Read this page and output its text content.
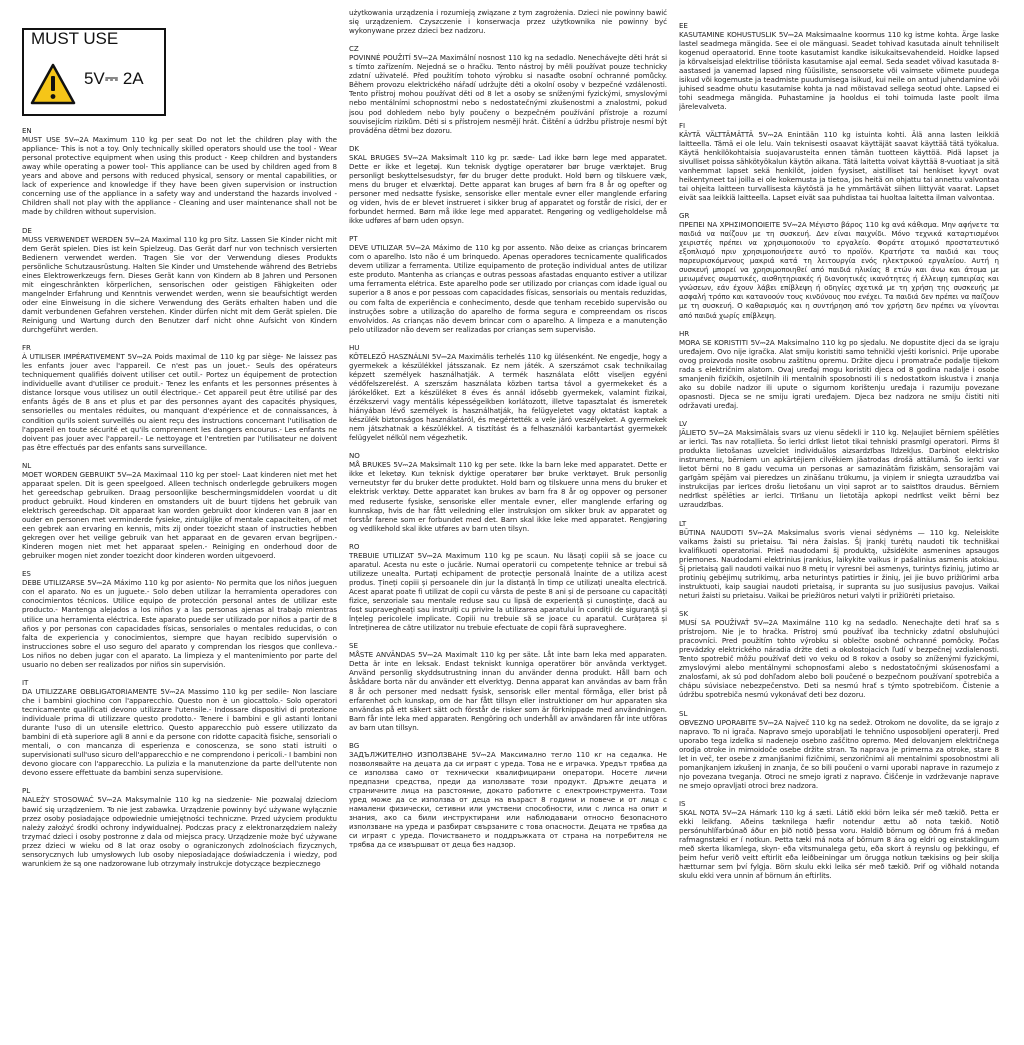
MUST USE
5V⎓ 2A
EN
MUST USE 5V⎓2A Maximum 110 kg per seat Do not let the children play with the appliance- This is not a toy. Only technically skilled operators should use the tool - Wear personal protective equipment when using this product - Keep children and bystanders away while operating a power tool- This appliance can be used by children aged from 8 years and above and persons with reduced physical, sensory or mental capabilities, or lack of experience and knowledge if they have been given supervision or instruction concerning use of the appliance in a safety way and understand the hazards involved - Children shall not play with the appliance - Cleaning and user maintenance shall not be made by children without supervision.
DE
MUSS VERWENDET WERDEN 5V⎓2A Maximal 110 kg pro Sitz. Lassen Sie Kinder nicht mit dem Gerät spielen. Dies ist kein Spielzeug. Das Gerät darf nur von technisch versierten Bedienern verwendet werden. Tragen Sie vor der Verwendung dieses Produkts persönliche Schutzausrüstung. Halten Sie Kinder und Umstehende während des Betriebs eines Elektrowerkzeugs fern. Dieses Gerät kann von Kindern ab 8 Jahren und Personen mit eingeschränkten körperlichen, sensorischen oder geistigen Fähigkeiten oder mangelnder Erfahrung und Kenntnis verwendet werden, wenn sie beaufsichtigt werden oder eine Einweisung in die sichere Verwendung des Geräts erhalten haben und die damit verbundenen Gefahren verstehen. Kinder dürfen nicht mit dem Gerät spielen. Die Reinigung und Wartung durch den Benutzer darf nicht ohne Aufsicht von Kindern durchgeführt werden.
FR
À UTILISER IMPÉRATIVEMENT 5V⎓2A Poids maximal de 110 kg par siège- Ne laissez pas les enfants jouer avec l'appareil. Ce n'est pas un jouet.- Seuls des opérateurs techniquement qualifiés doivent utiliser cet outil.- Portez un équipement de protection individuelle avant d'utiliser ce produit.- Tenez les enfants et les personnes présentes à distance lorsque vous utilisez un outil électrique.- Cet appareil peut être utilisé par des enfants âgés de 8 ans et plus et par des personnes ayant des capacités physiques, sensorielles ou mentales réduites, ou manquant d'expérience et de connaissances, à condition qu'ils soient surveillés ou aient reçu des instructions concernant l'utilisation de l'appareil en toute sécurité et qu'ils comprennent les dangers encourus.- Les enfants ne doivent pas jouer avec l'appareil.- Le nettoyage et l'entretien par l'utilisateur ne doivent pas être effectués par des enfants sans surveillance.
NL
MOET WORDEN GEBRUIKT 5V⎓2A Maximaal 110 kg per stoel- Laat kinderen niet met het apparaat spelen. Dit is geen speelgoed. Alleen technisch onderlegde gebruikers mogen het gereedschap gebruiken. Draag persoonlijke beschermingsmiddelen voordat u dit product gebruikt. Houd kinderen en omstanders uit de buurt tijdens het gebruik van elektrisch gereedschap. Dit apparaat kan worden gebruikt door kinderen van 8 jaar en ouder en personen met verminderde fysieke, zintuiglijke of mentale capaciteiten, of met een gebrek aan ervaring en kennis, mits zij onder toezicht staan of instructies hebben gekregen over het veilige gebruik van het apparaat en de gevaren ervan begrijpen.- Kinderen mogen niet met het apparaat spelen.- Reiniging en onderhoud door de gebruiker mogen niet zonder toezicht door kinderen worden uitgevoerd.
ES
DEBE UTILIZARSE 5V⎓2A Máximo 110 kg por asiento- No permita que los niños jueguen con el aparato. No es un juguete.- Solo deben utilizar la herramienta operadores con conocimientos técnicos. Utilice equipo de protección personal antes de utilizar este producto.- Mantenga alejados a los niños y a las personas ajenas al trabajo mientras utilice una herramienta eléctrica. Este aparato puede ser utilizado por niños a partir de 8 años y por personas con capacidades físicas, sensoriales o mentales reducidas, o con falta de experiencia y conocimientos, siempre que hayan recibido supervisión o instrucciones sobre el uso seguro del aparato y comprendan los riesgos que conlleva.- Los niños no deben jugar con el aparato. La limpieza y el mantenimiento por parte del usuario no deben ser realizados por niños sin supervisión.
IT
DA UTILIZZARE OBBLIGATORIAMENTE 5V⎓2A Massimo 110 kg per sedile- Non lasciare che i bambini giochino con l'apparecchio. Questo non è un giocattolo.- Solo operatori tecnicamente qualificati devono utilizzare l'utensile.- Indossare dispositivi di protezione individuale prima di utilizzare questo prodotto.- Tenere i bambini e gli astanti lontani durante l'uso di un utensile elettrico. Questo apparecchio può essere utilizzato da bambini di età superiore agli 8 anni e da persone con ridotte capacità fisiche, sensoriali o mentali, o con mancanza di esperienza e conoscenza, se sono stati istruiti o supervisionati sull'uso sicuro dell'apparecchio e ne comprendono i pericoli.- I bambini non devono giocare con l'apparecchio. La pulizia e la manutenzione da parte dell'utente non devono essere effettuate da bambini senza supervisione.
PL
NALEŻY STOSOWAĆ 5V⎓2A Maksymalnie 110 kg na siedzenie- Nie pozwalaj dzieciom bawić się urządzeniem. To nie jest zabawka. Urządzenie powinny być używane wyłącznie przez osoby posiadające odpowiednie umiejętności techniczne. Przed użyciem produktu należy założyć środki ochrony indywidualnej. Podczas pracy z elektronarzędziem należy trzymać dzieci i osoby postronne z dala od miejsca pracy. Urządzenie może być używane przez dzieci w wieku od 8 lat oraz osoby o ograniczonych zdolnościach fizycznych, sensorycznych lub umysłowych lub osoby nieposiadające doświadczenia i wiedzy, pod warunkiem że są one nadzorowane lub otrzymały instrukcje dotyczące bezpiecznego
użytkowania urządzenia i rozumieją związane z tym zagrożenia. Dzieci nie powinny bawić się urządzeniem. Czyszczenie i konserwacja przez użytkownika nie powinny być wykonywane przez dzieci bez nadzoru.
CZ
POVINNÉ POUŽITÍ 5V⎓2A Maximální nosnost 110 kg na sedadlo. Nenechávejte děti hrát si s tímto zařízením. Nejedná se o hračku. Tento nástroj by měli používat pouze technicky zdatní uživatelé. Před použitím tohoto výrobku si nasaďte osobní ochranné pomůcky. Během provozu elektrického nářadí udržujte děti a okolní osoby v bezpečné vzdálenosti. Tento přístroj mohou používat děti od 8 let a osoby se sníženými fyzickými, smyslovými nebo mentálními schopnostmi nebo s nedostatečnými zkušenostmi a znalostmi, pokud jsou pod dohledem nebo byly poučeny o bezpečném používání přístroje a rozumí souvisejícím rizikům. Děti si s přístrojem nesmějí hrát. Čištění a údržbu přístroje nesmí být prováděna dětmi bez dozoru.
DK
SKAL BRUGES 5V⎓2A Maksimalt 110 kg pr. sæde- Lad ikke børn lege med apparatet. Dette er ikke et legetøj. Kun teknisk dygtige operatører bør bruge værktøjet. Brug personligt beskyttelsesudstyr, før du bruger dette produkt. Hold børn og tilskuere væk, mens du bruger et elværktøj. Dette apparat kan bruges af børn fra 8 år og opefter og personer med nedsatte fysiske, sensoriske eller mentale evner eller manglende erfaring og viden, hvis de er blevet instrueret i sikker brug af apparatet og forstår de risici, der er forbundet hermed. Børn må ikke lege med apparatet. Rengøring og vedligeholdelse må ikke udføres af børn uden opsyn.
PT
DEVE UTILIZAR 5V⎓2A Máximo de 110 kg por assento. Não deixe as crianças brincarem com o aparelho. Isto não é um brinquedo. Apenas operadores tecnicamente qualificados devem utilizar a ferramenta. Utilize equipamento de proteção individual antes de utilizar este produto. Mantenha as crianças e outras pessoas afastadas enquanto estiver a utilizar uma ferramenta elétrica. Este aparelho pode ser utilizado por crianças com idade igual ou superior a 8 anos e por pessoas com capacidades físicas, sensoriais ou mentais reduzidas, ou com falta de experiência e conhecimento, desde que tenham recebido supervisão ou instruções sobre a utilização do aparelho de forma segura e compreendam os riscos envolvidos. As crianças não devem brincar com o aparelho. A limpeza e a manutenção pelo utilizador não devem ser realizadas por crianças sem supervisão.
HU
KÖTELEZŐ HASZNÁLNI 5V⎓2A Maximális terhelés 110 kg ülésenként. Ne engedje, hogy a gyermekek a készülékkel játsszanak. Ez nem játék. A szerszámot csak technikailag képzett személyek használhatják. A termék használata előtt viseljen egyéni védőfelszerelést. A szerszám használata közben tartsa távol a gyermekeket és a járókelőket. Ezt a készüléket 8 éves és annál idősebb gyermekek, valamint fizikai, érzékszervi vagy mentális képességeikben korlátozott, illetve tapasztalat és ismeretek hiányában lévő személyek is használhatják, ha felügyeletet vagy oktatást kaptak a készülék biztonságos használatáról, és megértették a vele járó veszélyeket. A gyermekek nem játszhatnak a készülékkel. A tisztítást és a felhasználói karbantartást gyermekek felügyelet nélkül nem végezhetik.
NO
MÅ BRUKES 5V⎓2A Maksimalt 110 kg per sete. Ikke la barn leke med apparatet. Dette er ikke et leketøy. Kun teknisk dyktige operatører bør bruke verktøyet. Bruk personlig verneutstyr før du bruker dette produktet. Hold barn og tilskuere unna mens du bruker et elektrisk verktøy. Dette apparatet kan brukes av barn fra 8 år og oppover og personer med reduserte fysiske, sensoriske eller mentale evner, eller manglende erfaring og kunnskap, hvis de har fått veiledning eller instruksjon om sikker bruk av apparatet og forstår farene som er forbundet med det. Barn skal ikke leke med apparatet. Rengjøring og vedlikehold skal ikke utføres av barn uten tilsyn.
RO
TREBUIE UTILIZAT 5V⎓2A Maximum 110 kg pe scaun. Nu lăsați copiii să se joace cu aparatul. Acesta nu este o jucărie. Numai operatorii cu competențe tehnice ar trebui să utilizeze unealta. Purtați echipament de protecție personală înainte de a utiliza acest produs. Țineți copiii și persoanele din jur la distanță în timp ce utilizați unealta electrică. Acest aparat poate fi utilizat de copii cu vârsta de peste 8 ani și de persoane cu capacități fizice, senzoriale sau mentale reduse sau cu lipsă de experiență și cunoștințe, dacă au fost supravegheați sau instruiți cu privire la utilizarea aparatului în condiții de siguranță și înțeleg pericolele implicate. Copiii nu trebuie să se joace cu aparatul. Curățarea și întreținerea de către utilizator nu trebuie efectuate de copii fără supraveghere.
SE
MÅSTE ANVÄNDAS 5V⎓2A Maximalt 110 kg per säte. Låt inte barn leka med apparaten. Detta är inte en leksak. Endast tekniskt kunniga operatörer bör använda verktyget. Använd personlig skyddsutrustning innan du använder denna produkt. Håll barn och åskådare borta när du använder ett elverktyg. Denna apparat kan användas av barn från 8 år och personer med nedsatt fysisk, sensorisk eller mental förmåga, eller brist på erfarenhet och kunskap, om de har fått tillsyn eller instruktioner om hur apparaten ska användas på ett säkert sätt och förstår de risker som är förknippade med användningen. Barn får inte leka med apparaten. Rengöring och underhåll av användaren får inte utföras av barn utan tillsyn.
BG
ЗАДЪЛЖИТЕЛНО ИЗПОЛЗВАНЕ 5V⎓2A Максимално тегло 110 кг на седалка. Не позволявайте на децата да си играят с уреда. Това не е играчка. Уредът трябва да се използва само от технически квалифицирани оператори. Носете лични предпазни средства, преди да използвате този продукт. Дръжте децата и страничните лица на разстояние, докато работите с електроинструмента. Този уред може да се използва от деца на възраст 8 години и повече и от лица с намалени физически, сетивни или умствени способности, или с липса на опит и знания, ако са били инструктирани или наблюдавани относно безопасното използване на уреда и разбират свързаните с това опасности. Децата не трябва да си играят с уреда. Почистването и поддръжката от страна на потребителя не трябва да се извършват от деца без надзор.
EE
KASUTAMINE KOHUSTUSLIK 5V⎓2A Maksimaalne koormus 110 kg istme kohta. Ärge laske lastel seadmega mängida. See ei ole mänguasi. Seadet tohivad kasutada ainult tehniliselt kogenud operaatorid. Enne toote kasutamist kandke isikukaitsevahendeid. Hoidke lapsed ja kõrvalseisjad elektrilise tööriista kasutamise ajal eemal. Seda seadet võivad kasutada 8-aastased ja vanemad lapsed ning füüsiliste, sensoorsete või vaimsete võimete puudega isikud või kogemuste ja teadmiste puudumisega isikud, kui neile on antud juhendamine või juhised seadme ohutu kasutamise kohta ja nad mõistavad sellega seotud ohte. Lapsed ei tohi seadmega mängida. Puhastamine ja hooldus ei tohi toimuda laste poolt ilma järelevalveta.
FI
KÄYTÄ VÄLTTÄMÄTTÄ 5V⎓2A Enintään 110 kg istuinta kohti. Älä anna lasten leikkiä laitteella. Tämä ei ole lelu. Vain teknisesti osaavat käyttäjät saavat käyttää tätä työkalua. Käytä henkilökohtaisia suojavarusteita ennen tämän tuotteen käyttöä. Pidä lapset ja sivulliset poissa sähkötyökalun käytön aikana. Tätä laitetta voivat käyttää 8-vuotiaat ja sitä vanhemmat lapset sekä henkilöt, joiden fyysiset, aistilliset tai henkiset kyvyt ovat heikentyneet tai joilla ei ole kokemusta ja tietoa, jos heitä on ohjattu tai annettu valvontaa tai ohjeita laitteen turvallisesta käytöstä ja he ymmärtävät siihen liittyvät vaarat. Lapset eivät saa leikkiä laitteella. Lapset eivät saa puhdistaa tai huoltaa laitetta ilman valvontaa.
GR
ΠΡΕΠΕΙ ΝΑ ΧΡΗΣΙΜΟΠΟΙΕΙΤΕ 5V⎓2A Μέγιστο βάρος 110 kg ανά κάθισμα. Μην αφήνετε τα παιδιά να παίζουν με τη συσκευή. Δεν είναι παιχνίδι. Μόνο τεχνικά καταρτισμένοι χειριστές πρέπει να χρησιμοποιούν το εργαλείο. Φοράτε ατομικό προστατευτικό εξοπλισμό πριν χρησιμοποιήσετε αυτό το προϊόν. Κρατήστε τα παιδιά και τους παρευρισκόμενους μακριά κατά τη λειτουργία ενός ηλεκτρικού εργαλείου. Αυτή η συσκευή μπορεί να χρησιμοποιηθεί από παιδιά ηλικίας 8 ετών και άνω και άτομα με μειωμένες σωματικές, αισθητηριακές ή διανοητικές ικανότητες ή έλλειψη εμπειρίας και γνώσεων, εάν έχουν λάβει επίβλεψη ή οδηγίες σχετικά με τη χρήση της συσκευής με ασφαλή τρόπο και κατανοούν τους κινδύνους που ενέχει. Τα παιδιά δεν πρέπει να παίζουν με τη συσκευή. Ο καθαρισμός και η συντήρηση από τον χρήστη δεν πρέπει να γίνονται από παιδιά χωρίς επίβλεψη.
HR
MORA SE KORISTITI 5V⎓2A Maksimalno 110 kg po sjedalu. Ne dopustite djeci da se igraju uređajem. Ovo nije igračka. Alat smiju koristiti samo tehnički vješti korisnici. Prije uporabe ovog proizvoda nosite osobnu zaštitnu opremu. Držite djecu i promatrače podalje tijekom rada s električnim alatom. Ovaj uređaj mogu koristiti djeca od 8 godina nadalje i osobe smanjenih fizičkih, osjetilnih ili mentalnih sposobnosti ili s nedostatkom iskustva i znanja ako su dobile nadzor ili upute o sigurnom korištenju uređaja i razumiju povezane opasnosti. Djeca se ne smiju igrati uređajem. Djeca bez nadzora ne smiju čistiti niti održavati uređaj.
LV
JĀLIETO 5V⎓2A Maksimālais svars uz vienu sēdekli ir 110 kg. Neļaujiet bērniem spēlēties ar ierīci. Tas nav rotaļlieta. Šo ierīci drīkst lietot tikai tehniski prasmīgi operatori. Pirms šī produkta lietošanas uzvelciet individuālos aizsardzības līdzekļus. Darbinot elektrisko instrumentu, bērniem un apkārtējiem cilvēkiem jāatrodas drošā attālumā. Šo ierīci var lietot bērni no 8 gadu vecuma un personas ar samazinātām fiziskām, sensorajām vai garīgām spējām vai pieredzes un zināšanu trūkumu, ja viņiem ir sniegta uzraudzība vai instrukcijas par ierīces drošu lietošanu un viņi saprot ar to saistītos draudus. Bērniem nedrīkst spēlēties ar ierīci. Tīrīšanu un lietotāja apkopi nedrīkst veikt bērni bez uzraudzības.
LT
BŪTINA NAUDOTI 5V⎓2A Maksimalus svoris vienai sėdynėms — 110 kg. Neleiskite vaikams žaisti su prietaisu. Tai nėra žaislas. Šį įrankį turėtų naudoti tik techniškai kvalifikuoti operatoriai. Prieš naudodami šį produktą, užsidėkite asmenines apsaugos priemones. Naudodami elektrinius įrankius, laikykite vaikus ir pašalinius asmenis atokiau. Šį prietaisą gali naudoti vaikai nuo 8 metų ir vyresni bei asmenys, turintys fizinių, jutimo ar protinių gebėjimų sutrikimų, arba neturintys patirties ir žinių, jei jie buvo prižiūrimi arba instruktuoti, kaip saugiai naudoti prietaisą, ir supranta su juo susijusius pavojus. Vaikai neturi žaisti su prietaisu. Vaikai be priežiūros neturi valyti ir prižiūrėti prietaiso.
SK
MUSÍ SA POUŽÍVAŤ 5V⎓2A Maximálne 110 kg na sedadlo. Nenechajte deti hrať sa s prístrojom. Nie je to hračka. Prístroj smú používať iba technicky zdatní obsluhujúci pracovníci. Pred použitím tohto výrobku si oblečte osobné ochranné pomôcky. Počas prevádzky elektrického náradia držte deti a okolostojacich ľudí v bezpečnej vzdialenosti. Tento spotrebič môžu používať deti vo veku od 8 rokov a osoby so zníženými fyzickými, zmyslovými alebo mentálnymi schopnosťami alebo s nedostatočnými skúsenosťami a znalosťami, ak sú pod dohľadom alebo boli poučené o bezpečnom používaní spotrebiča a chápu súvisiace nebezpečenstvo. Deti sa nesmú hrať s týmto spotrebičom. Čistenie a údržbu spotrebiča nesmú vykonávať deti bez dozoru.
SL
OBVEZNO UPORABITE 5V⎓2A Največ 110 kg na sedež. Otrokom ne dovolite, da se igrajo z napravo. To ni igrača. Napravo smejo uporabljati le tehnično usposobljeni operaterji. Pred uporabo tega izdelka si nadenejo osebno zaščitno opremo. Med delovanjem električnega orodja otroke in mimoidoče osebe držite stran. Ta naprava je primerna za otroke, stare 8 let in več, ter osebe z zmanjšanimi fizičnimi, senzoričnimi ali mentalnimi sposobnostmi ali pomanjkanjem izkušenj in znanja, če so bili poučeni o varni uporabi naprave in razumejo z njo povezana tveganja. Otroci ne smejo igrati z napravo. Čiščenje in vzdrževanje naprave ne smejo opravljati otroci brez nadzora.
IS
SKAL NOTA 5V⎓2A Hámark 110 kg á sæti. Látið ekki börn leika sér með tækið. Þetta er ekki leikfang. Aðeins tæknilega hæfir notendur ættu að nota tækið. Notið persónuhlífarbúnað áður en þið notið þessa voru. Haldið börnum og öðrum frá á meðan rafmagnstæki er í notkun. Þetta tæki má nota af börnum 8 ára og eldri og einstaklingum með skerta líkamlega, skyn- eða vitsmunalega getu, eða skort á reynslu og þekkingu, ef þeim hefur verið veitt eftirlit eða leiðbeiningar um örugga notkun tækisins og þeir skilja hætturnar sem því fylgja. Börn skulu ekki leika sér með tækið. Þrif og viðhald notanda skulu ekki vera unnin af börnum án eftirlits.
